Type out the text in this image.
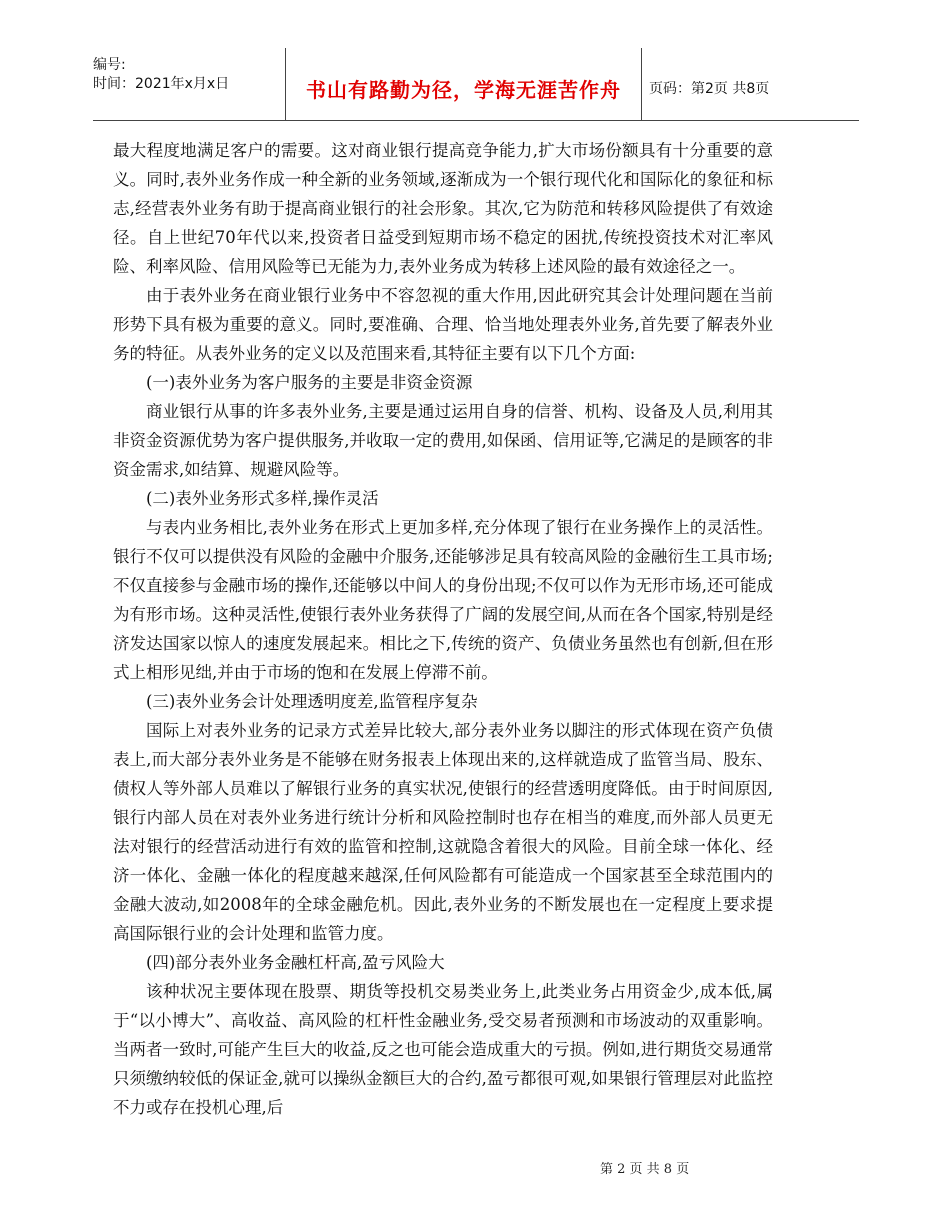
编号:
时间：2021年x月x日	书山有路勤为径，学海无涯苦作舟	页码：第2页 共8页

最大程度地满足客户的需要。这对商业银行提高竞争能力,扩大市场份额具有十分重要的意义。同时,表外业务作成一种全新的业务领域,逐渐成为一个银行现代化和国际化的象征和标志,经营表外业务有助于提高商业银行的社会形象。其次,它为防范和转移风险提供了有效途径。自上世纪70年代以来,投资者日益受到短期市场不稳定的困扰,传统投资技术对汇率风险、利率风险、信用风险等已无能为力,表外业务成为转移上述风险的最有效途径之一。

由于表外业务在商业银行业务中不容忽视的重大作用,因此研究其会计处理问题在当前形势下具有极为重要的意义。同时,要准确、合理、恰当地处理表外业务,首先要了解表外业务的特征。从表外业务的定义以及范围来看,其特征主要有以下几个方面:

(一)表外业务为客户服务的主要是非资金资源

商业银行从事的许多表外业务,主要是通过运用自身的信誉、机构、设备及人员,利用其非资金资源优势为客户提供服务,并收取一定的费用,如保函、信用证等,它满足的是顾客的非资金需求,如结算、规避风险等。

(二)表外业务形式多样,操作灵活

与表内业务相比,表外业务在形式上更加多样,充分体现了银行在业务操作上的灵活性。银行不仅可以提供没有风险的金融中介服务,还能够涉足具有较高风险的金融衍生工具市场;不仅直接参与金融市场的操作,还能够以中间人的身份出现;不仅可以作为无形市场,还可能成为有形市场。这种灵活性,使银行表外业务获得了广阔的发展空间,从而在各个国家,特别是经济发达国家以惊人的速度发展起来。相比之下,传统的资产、负债业务虽然也有创新,但在形式上相形见绌,并由于市场的饱和在发展上停滞不前。

(三)表外业务会计处理透明度差,监管程序复杂

国际上对表外业务的记录方式差异比较大,部分表外业务以脚注的形式体现在资产负债表上,而大部分表外业务是不能够在财务报表上体现出来的,这样就造成了监管当局、股东、债权人等外部人员难以了解银行业务的真实状况,使银行的经营透明度降低。由于时间原因,银行内部人员在对表外业务进行统计分析和风险控制时也存在相当的难度,而外部人员更无法对银行的经营活动进行有效的监管和控制,这就隐含着很大的风险。目前全球一体化、经济一体化、金融一体化的程度越来越深,任何风险都有可能造成一个国家甚至全球范围内的金融大波动,如2008年的全球金融危机。因此,表外业务的不断发展也在一定程度上要求提高国际银行业的会计处理和监管力度。

(四)部分表外业务金融杠杆高,盈亏风险大

该种状况主要体现在股票、期货等投机交易类业务上,此类业务占用资金少,成本低,属于“以小博大”、高收益、高风险的杠杆性金融业务,受交易者预测和市场波动的双重影响。当两者一致时,可能产生巨大的收益,反之也可能会造成重大的亏损。例如,进行期货交易通常只须缴纳较低的保证金,就可以操纵金额巨大的合约,盈亏都很可观,如果银行管理层对此监控不力或存在投机心理,后

第 2 页 共 8 页
